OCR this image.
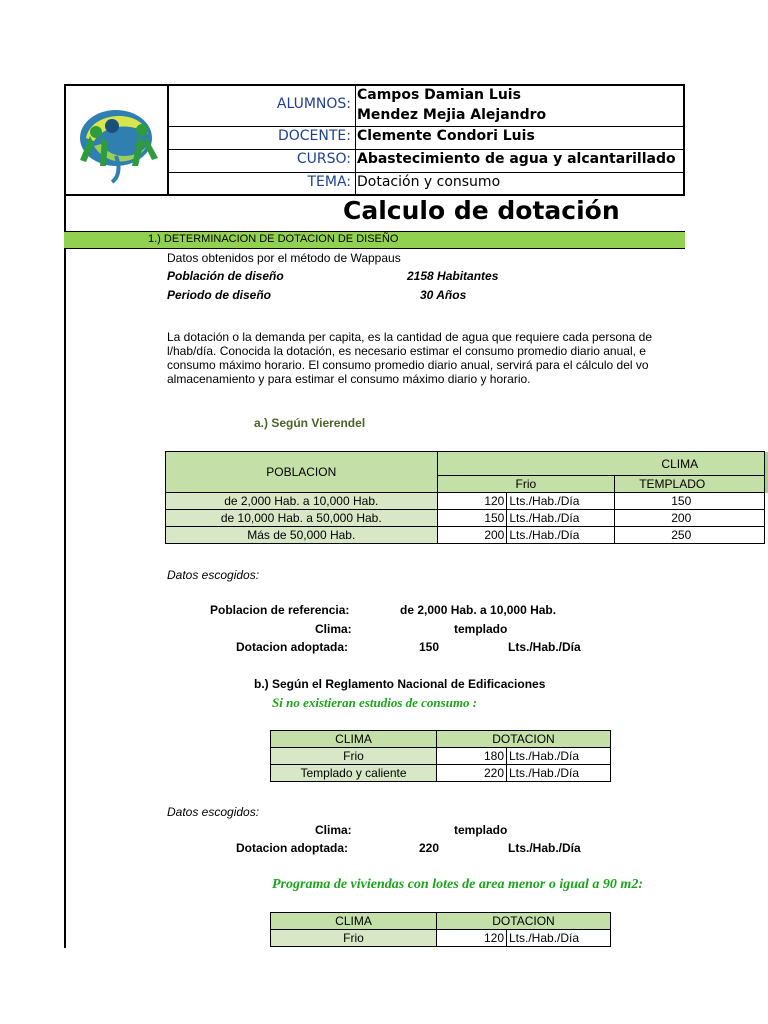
ALUMNOS:
Campos Damian Luis
Mendez Mejia Alejandro
DOCENTE: Clemente Condori Luis
CURSO: Abastecimiento de agua y alcantarillado
TEMA: Dotación y consumo
Calculo de dotación
1.) DETERMINACION DE DOTACION DE DISEÑO
Datos obtenidos por el método de Wappaus
Población de diseño	2158 Habitantes
Periodo de diseño	30 Años
La dotación o la demanda per capita, es la cantidad de agua que requiere cada persona de
l/hab/día. Conocida la dotación, es necesario estimar el consumo promedio diario anual, e
consumo máximo horario. El consumo promedio diario anual, servirá para el cálculo del vo
almacenamiento y para estimar el consumo máximo diario y horario.
a.) Según Vierendel
POBLACION	CLIMA		
	Frio		TEMPLADO
de 2,000 Hab. a 10,000 Hab.	120	Lts./Hab./Día	150
de 10,000 Hab. a 50,000 Hab.	150	Lts./Hab./Día	200
Más de 50,000 Hab.	200	Lts./Hab./Día	250
Datos escogidos:
Poblacion de referencia:	de 2,000 Hab. a 10,000 Hab.
Clima:	templado
Dotacion adoptada:	150	Lts./Hab./Día
b.) Según el Reglamento Nacional de Edificaciones
Si no existieran estudios de consumo :
CLIMA	DOTACION	
Frio	180	Lts./Hab./Día
Templado y caliente	220	Lts./Hab./Día
Datos escogidos:
Clima:	templado
Dotacion adoptada:	220	Lts./Hab./Día
Programa de viviendas con lotes de area menor o igual a 90 m2:
CLIMA	DOTACION	
Frio	120	Lts./Hab./Día
